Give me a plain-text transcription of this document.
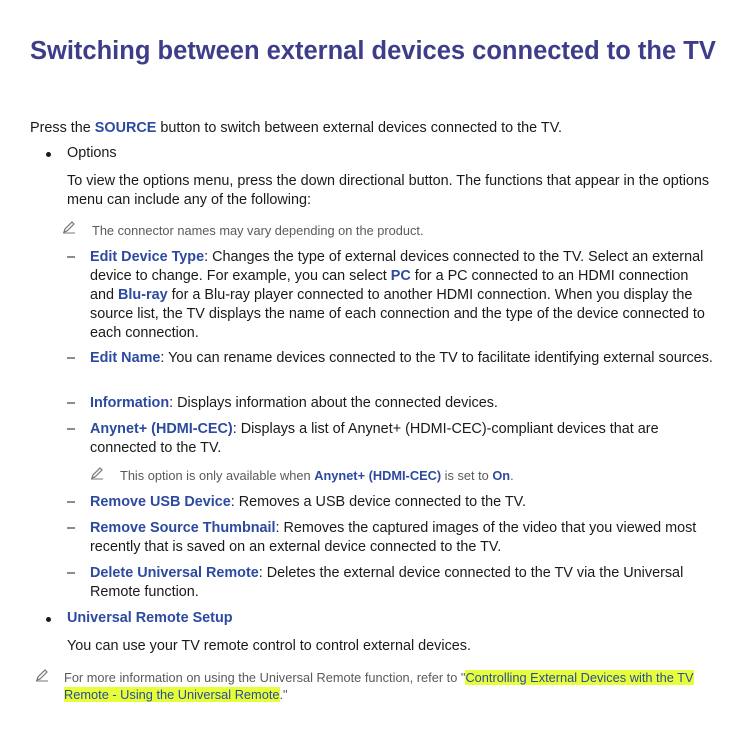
Switching between external devices connected to the TV
Press the SOURCE button to switch between external devices connected to the TV.
Options
To view the options menu, press the down directional button. The functions that appear in the options menu can include any of the following:
The connector names may vary depending on the product.
– Edit Device Type: Changes the type of external devices connected to the TV. Select an external device to change. For example, you can select PC for a PC connected to an HDMI connection and Blu-ray for a Blu-ray player connected to another HDMI connection. When you display the source list, the TV displays the name of each connection and the type of the device connected to each connection.
– Edit Name: You can rename devices connected to the TV to facilitate identifying external sources.
– Information: Displays information about the connected devices.
– Anynet+ (HDMI-CEC): Displays a list of Anynet+ (HDMI-CEC)-compliant devices that are connected to the TV.
This option is only available when Anynet+ (HDMI-CEC) is set to On.
– Remove USB Device: Removes a USB device connected to the TV.
– Remove Source Thumbnail: Removes the captured images of the video that you viewed most recently that is saved on an external device connected to the TV.
– Delete Universal Remote: Deletes the external device connected to the TV via the Universal Remote function.
Universal Remote Setup
You can use your TV remote control to control external devices.
For more information on using the Universal Remote function, refer to "Controlling External Devices with the TV Remote - Using the Universal Remote."
